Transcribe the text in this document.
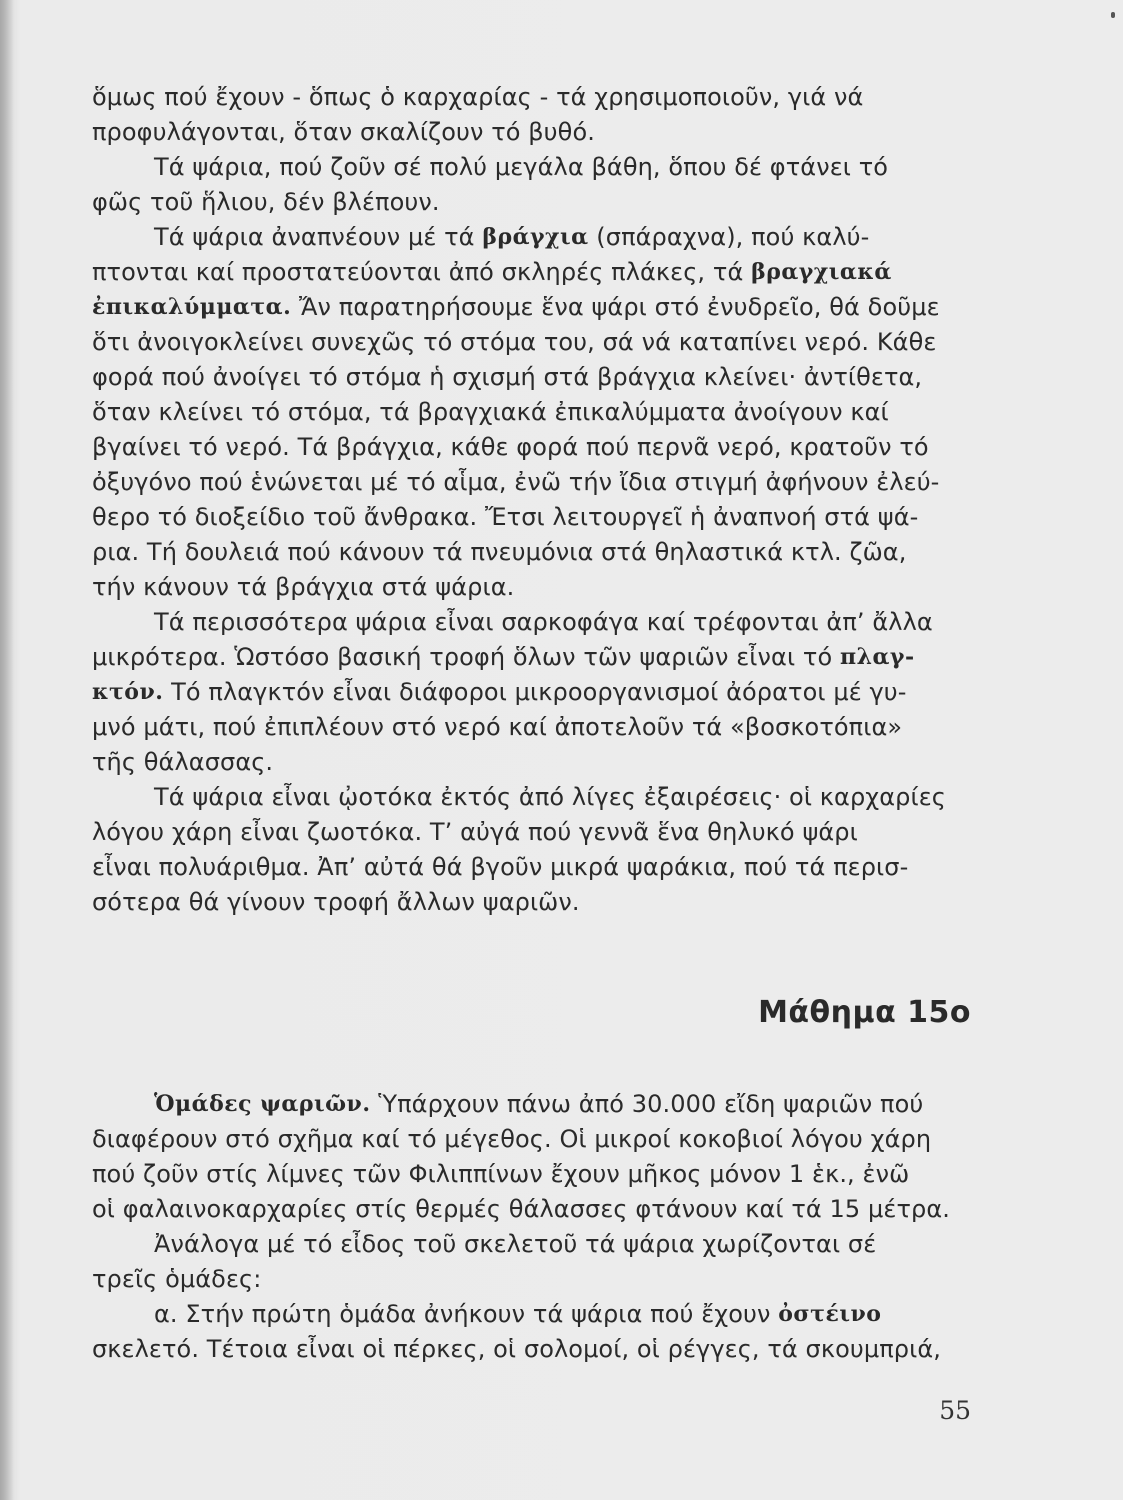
ὅμως πού ἔχουν - ὅπως ὁ καρχαρίας - τά χρησιμοποιοῦν, γιά νά
προφυλάγονται, ὅταν σκαλίζουν τό βυθό.
Τά ψάρια, πού ζοῦν σέ πολύ μεγάλα βάθη, ὅπου δέ φτάνει τό
φῶς τοῦ ἥλιου, δέν βλέπουν.
Τά ψάρια ἀναπνέουν μέ τά βράγχια (σπάραχνα), πού καλύ-
πτονται καί προστατεύονται ἀπό σκληρές πλάκες, τά βραγχιακά
ἐπικαλύμματα. Ἄν παρατηρήσουμε ἕνα ψάρι στό ἐνυδρεῖο, θά δοῦμε
ὅτι ἀνοιγοκλείνει συνεχῶς τό στόμα του, σά νά καταπίνει νερό. Κάθε
φορά πού ἀνοίγει τό στόμα ἡ σχισμή στά βράγχια κλείνει· ἀντίθετα,
ὅταν κλείνει τό στόμα, τά βραγχιακά ἐπικαλύμματα ἀνοίγουν καί
βγαίνει τό νερό. Τά βράγχια, κάθε φορά πού περνᾶ νερό, κρατοῦν τό
ὀξυγόνο πού ἑνώνεται μέ τό αἷμα, ἐνῶ τήν ἴδια στιγμή ἀφήνουν ἐλεύ-
θερο τό διοξείδιο τοῦ ἄνθρακα. Ἔτσι λειτουργεῖ ἡ ἀναπνοή στά ψά-
ρια. Τή δουλειά πού κάνουν τά πνευμόνια στά θηλαστικά κτλ. ζῶα,
τήν κάνουν τά βράγχια στά ψάρια.
Τά περισσότερα ψάρια εἶναι σαρκοφάγα καί τρέφονται ἀπ’ ἄλλα
μικρότερα. Ὡστόσο βασική τροφή ὅλων τῶν ψαριῶν εἶναι τό πλαγ-
κτόν. Τό πλαγκτόν εἶναι διάφοροι μικροοργανισμοί ἀόρατοι μέ γυ-
μνό μάτι, πού ἐπιπλέουν στό νερό καί ἀποτελοῦν τά «βοσκοτόπια»
τῆς θάλασσας.
Τά ψάρια εἶναι ᾠοτόκα ἐκτός ἀπό λίγες ἐξαιρέσεις· οἱ καρχαρίες
λόγου χάρη εἶναι ζωοτόκα. Τ’ αὐγά πού γεννᾶ ἕνα θηλυκό ψάρι
εἶναι πολυάριθμα. Ἀπ’ αὐτά θά βγοῦν μικρά ψαράκια, πού τά περισ-
σότερα θά γίνουν τροφή ἄλλων ψαριῶν.
Μάθημα 15ο
Ὁμάδες ψαριῶν. Ὑπάρχουν πάνω ἀπό 30.000 εἴδη ψαριῶν πού
διαφέρουν στό σχῆμα καί τό μέγεθος. Οἱ μικροί κοκοβιοί λόγου χάρη
πού ζοῦν στίς λίμνες τῶν Φιλιππίνων ἔχουν μῆκος μόνον 1 ἑκ., ἐνῶ
οἱ φαλαινοκαρχαρίες στίς θερμές θάλασσες φτάνουν καί τά 15 μέτρα.
Ἀνάλογα μέ τό εἶδος τοῦ σκελετοῦ τά ψάρια χωρίζονται σέ
τρεῖς ὁμάδες:
α. Στήν πρώτη ὁμάδα ἀνήκουν τά ψάρια πού ἔχουν ὀστέινο
σκελετό. Τέτοια εἶναι οἱ πέρκες, οἱ σολομοί, οἱ ρέγγες, τά σκουμπριά,
55
